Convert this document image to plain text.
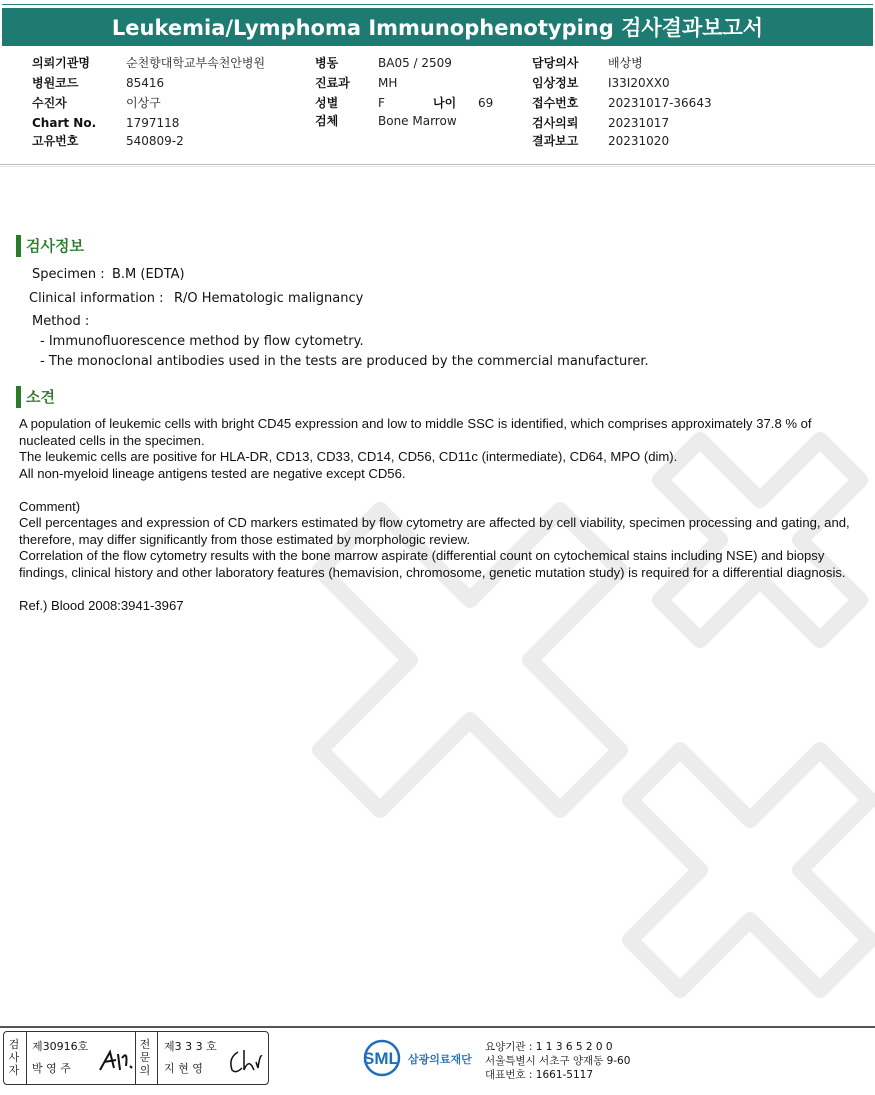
Leukemia/Lymphoma Immunophenotyping 검사결과보고서
의뢰기관명	순천향대학교부속천안병원
병원코드	85416
수진자	이상구
Chart No. 1797118
고유번호	540809-2
병동	BA05 / 2509
진료과 MH
성별	F	나이 69
검체	Bone Marrow
담당의사 배상병
임상정보 I33I20XX0
접수번호 20231017-36643
검사의뢰 20231017
결과보고 20231020
검사정보
Specimen : B.M (EDTA)
Clinical information : R/O Hematologic malignancy
Method :
- Immunofluorescence method by flow cytometry.
- The monoclonal antibodies used in the tests are produced by the commercial manufacturer.
소견

A population of leukemic cells with bright CD45 expression and low to middle SSC is identified, which comprises approximately 37.8 % of nucleated cells in the specimen.

The leukemic cells are positive for HLA-DR, CD13, CD33, CD14, CD56, CD11c (intermediate), CD64, MPO (dim).

All non-myeloid lineage antigens tested are negative except CD56.

Comment)

Cell percentages and expression of CD markers estimated by flow cytometry are affected by cell viability, specimen processing and gating, and, therefore, may differ significantly from those estimated by morphologic review.

Correlation of the flow cytometry results with the bone marrow aspirate (differential count on cytochemical stains including NSE) and biopsy findings, clinical history and other laboratory features (hemavision, chromosome, genetic mutation study) is required for a differential diagnosis.

Ref.) Blood 2008:3941-3967

검
사
자
제30916호
박 영 주
전
문
의
제3 3 3 호
지 현 영
SML 삼광의료재단
요양기관 : 1 1 3 6 5 2 0 0
서울특별시 서초구 양재동 9-60
대표번호 : 1661-5117
